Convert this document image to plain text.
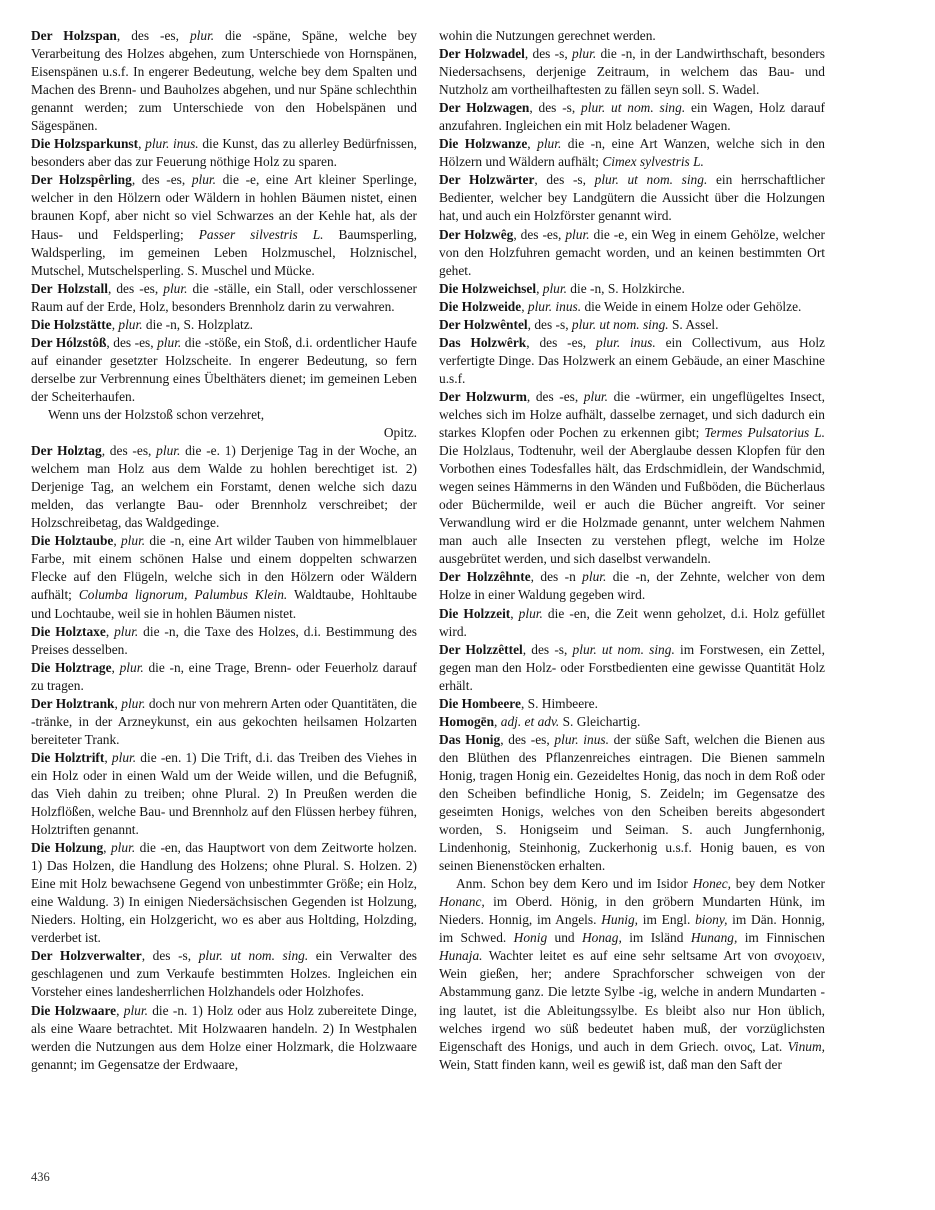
Der Holzspan, des -es, plur. die -späne, Späne, welche bey Verarbeitung des Holzes abgehen, zum Unterschiede von Hornspänen, Eisenspänen u.s.f. In engerer Bedeutung, welche bey dem Spalten und Machen des Brenn- und Bauholzes abgehen, und nur Späne schlechthin genannt werden; zum Unterschiede von den Hobelspänen und Sägespänen.

Die Holzsparkunst, plur. inus. die Kunst, das zu allerley Bedürfnissen, besonders aber das zur Feuerung nöthige Holz zu sparen.

Der Holzspêrling, des -es, plur. die -e, eine Art kleiner Sperlinge, welcher in den Hölzern oder Wäldern in hohlen Bäumen nistet, einen braunen Kopf, aber nicht so viel Schwarzes an der Kehle hat, als der Haus- und Feldsperling; Passer silvestris L. Baumsperling, Waldsperling, im gemeinen Leben Holzmuschel, Holznischel, Mutschel, Mutschelsperling. S. Muschel und Mücke.

Der Holzstall, des -es, plur. die -ställe, ein Stall, oder verschlossener Raum auf der Erde, Holz, besonders Brennholz darin zu verwahren.

Die Holzstätte, plur. die -n, S. Holzplatz.

Der Hólzstôß, des -es, plur. die -stöße, ein Stoß, d.i. ordentlicher Haufe auf einander gesetzter Holzscheite. In engerer Bedeutung, so fern derselbe zur Verbrennung eines Übelthäters dienet; im gemeinen Leben der Scheiterhaufen.

Wenn uns der Holzstoß schon verzehret,

Opitz.

Der Holztag, des -es, plur. die -e. 1) Derjenige Tag in der Woche, an welchem man Holz aus dem Walde zu hohlen berechtiget ist. 2) Derjenige Tag, an welchem ein Forstamt, denen welche sich dazu melden, das verlangte Bau- oder Brennholz verschreibet; der Holzschreibetag, das Waldgedinge.

Die Holztaube, plur. die -n, eine Art wilder Tauben von himmelblauer Farbe, mit einem schönen Halse und einem doppelten schwarzen Flecke auf den Flügeln, welche sich in den Hölzern oder Wäldern aufhält; Columba lignorum, Palumbus Klein. Waldtaube, Hohltaube und Lochtaube, weil sie in hohlen Bäumen nistet.

Die Holztaxe, plur. die -n, die Taxe des Holzes, d.i. Bestimmung des Preises desselben.

Die Holztrage, plur. die -n, eine Trage, Brenn- oder Feuerholz darauf zu tragen.

Der Holztrank, plur. doch nur von mehrern Arten oder Quantitäten, die -tränke, in der Arzneykunst, ein aus gekochten heilsamen Holzarten bereiteter Trank.

Die Holztrift, plur. die -en. 1) Die Trift, d.i. das Treiben des Viehes in ein Holz oder in einen Wald um der Weide willen, und die Befugniß, das Vieh dahin zu treiben; ohne Plural. 2) In Preußen werden die Holzflößen, welche Bau- und Brennholz auf den Flüssen herbey führen, Holztriften genannt.

Die Holzung, plur. die -en, das Hauptwort von dem Zeitworte holzen. 1) Das Holzen, die Handlung des Holzens; ohne Plural. S. Holzen. 2) Eine mit Holz bewachsene Gegend von unbestimmter Größe; ein Holz, eine Waldung. 3) In einigen Niedersächsischen Gegenden ist Holzung, Nieders. Holting, ein Holzgericht, wo es aber aus Holtding, Holzding, verderbet ist.

Der Holzverwalter, des -s, plur. ut nom. sing. ein Verwalter des geschlagenen und zum Verkaufe bestimmten Holzes. Ingleichen ein Vorsteher eines landesherrlichen Holzhandels oder Holzhofes.

Die Holzwaare, plur. die -n. 1) Holz oder aus Holz zubereitete Dinge, als eine Waare betrachtet. Mit Holzwaaren handeln. 2) In Westphalen werden die Nutzungen aus dem Holze einer Holzmark, die Holzwaare genannt; im Gegensatze der Erdwaare,

wohin die Nutzungen gerechnet werden.

Der Holzwadel, des -s, plur. die -n, in der Landwirthschaft, besonders Niedersachsens, derjenige Zeitraum, in welchem das Bau- und Nutzholz am vortheilhaftesten zu fällen seyn soll. S. Wadel.

Der Holzwagen, des -s, plur. ut nom. sing. ein Wagen, Holz darauf anzufahren. Ingleichen ein mit Holz beladener Wagen.

Die Holzwanze, plur. die -n, eine Art Wanzen, welche sich in den Hölzern und Wäldern aufhält; Cimex sylvestris L.

Der Holzwärter, des -s, plur. ut nom. sing. ein herrschaftlicher Bedienter, welcher bey Landgütern die Aussicht über die Holzungen hat, und auch ein Holzförster genannt wird.

Der Holzwêg, des -es, plur. die -e, ein Weg in einem Gehölze, welcher von den Holzfuhren gemacht worden, und an keinen bestimmten Ort gehet.

Die Holzweichsel, plur. die -n, S. Holzkirche.

Die Holzweide, plur. inus. die Weide in einem Holze oder Gehölze.

Der Holzwêntel, des -s, plur. ut nom. sing. S. Assel.

Das Holzwêrk, des -es, plur. inus. ein Collectivum, aus Holz verfertigte Dinge. Das Holzwerk an einem Gebäude, an einer Maschine u.s.f.

Der Holzwurm, des -es, plur. die -würmer, ein ungeflügeltes Insect, welches sich im Holze aufhält, dasselbe zernaget, und sich dadurch ein starkes Klopfen oder Pochen zu erkennen gibt; Termes Pulsatorius L. Die Holzlaus, Todtenuhr, weil der Aberglaube dessen Klopfen für den Vorbothen eines Todesfalles hält, das Erdschmidlein, der Wandschmid, wegen seines Hämmerns in den Wänden und Fußböden, die Bücherlaus oder Büchermilde, weil er auch die Bücher angreift. Vor seiner Verwandlung wird er die Holzmade genannt, unter welchem Nahmen man auch alle Insecten zu verstehen pflegt, welche im Holze ausgebrütet werden, und sich daselbst verwandeln.

Der Holzzêhnte, des -n plur. die -n, der Zehnte, welcher von dem Holze in einer Waldung gegeben wird.

Die Holzzeit, plur. die -en, die Zeit wenn geholzet, d.i. Holz gefüllet wird.

Der Holzzêttel, des -s, plur. ut nom. sing. im Forstwesen, ein Zettel, gegen man den Holz- oder Forstbedienten eine gewisse Quantität Holz erhält.

Die Hombeere, S. Himbeere.

Homogēn, adj. et adv. S. Gleichartig.

Das Honig, des -es, plur. inus. der süße Saft, welchen die Bienen aus den Blüthen des Pflanzenreiches eintragen. Die Bienen sammeln Honig, tragen Honig ein. Gezeideltes Honig, das noch in dem Roß oder den Scheiben befindliche Honig, S. Zeideln; im Gegensatze des geseimten Honigs, welches von den Scheiben bereits abgesondert worden, S. Honigseim und Seiman. S. auch Jungfernhonig, Lindenhonig, Steinhonig, Zuckerhonig u.s.f. Honig bauen, es von seinen Bienenstöcken erhalten.

Anm. Schon bey dem Kero und im Isidor Honec, bey dem Notker Honanc, im Oberd. Hönig, in den gröbern Mundarten Hünk, im Nieders. Honnig, im Angels. Hunig, im Engl. biony, im Dän. Honnig, im Schwed. Honig und Honag, im Isländ Hunang, im Finnischen Hunaja. Wachter leitet es auf eine sehr seltsame Art von σνοχοειν, Wein gießen, her; andere Sprachforscher schweigen von der Abstammung ganz. Die letzte Sylbe -ig, welche in andern Mundarten -ing lautet, ist die Ableitungssylbe. Es bleibt also nur Hon üblich, welches irgend wo süß bedeutet haben muß, der vorzüglichsten Eigenschaft des Honigs, und auch in dem Griech. οινος, Lat. Vinum, Wein, Statt finden kann, weil es gewiß ist, daß man den Saft der

436
